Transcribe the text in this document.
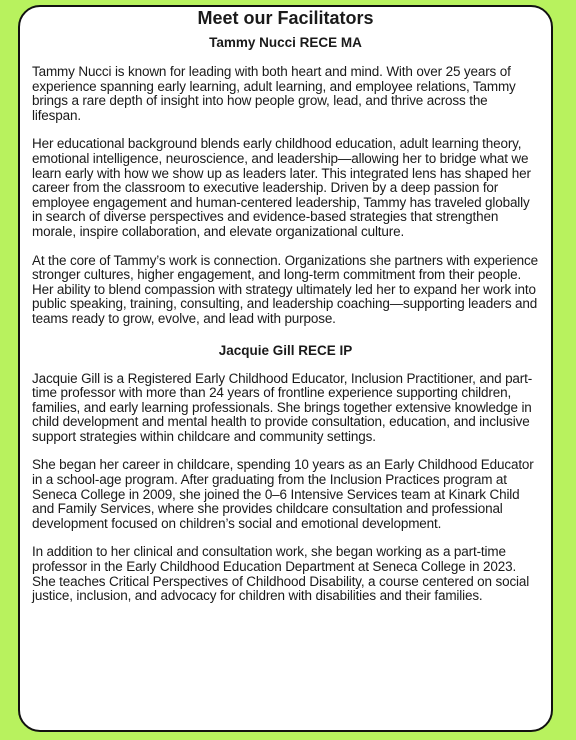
Meet our Facilitators
Tammy Nucci RECE MA

Tammy Nucci is known for leading with both heart and mind. With over 25 years of experience spanning early learning, adult learning, and employee relations, Tammy brings a rare depth of insight into how people grow, lead, and thrive across the lifespan.

Her educational background blends early childhood education, adult learning theory, emotional intelligence, neuroscience, and leadership—allowing her to bridge what we learn early with how we show up as leaders later. This integrated lens has shaped her career from the classroom to executive leadership. Driven by a deep passion for employee engagement and human-centered leadership, Tammy has traveled globally in search of diverse perspectives and evidence-based strategies that strengthen morale, inspire collaboration, and elevate organizational culture.

At the core of Tammy’s work is connection. Organizations she partners with experience stronger cultures, higher engagement, and long-term commitment from their people. Her ability to blend compassion with strategy ultimately led her to expand her work into public speaking, training, consulting, and leadership coaching—supporting leaders and teams ready to grow, evolve, and lead with purpose.

Jacquie Gill RECE IP

Jacquie Gill is a Registered Early Childhood Educator, Inclusion Practitioner, and part-time professor with more than 24 years of frontline experience supporting children, families, and early learning professionals. She brings together extensive knowledge in child development and mental health to provide consultation, education, and inclusive support strategies within childcare and community settings.

She began her career in childcare, spending 10 years as an Early Childhood Educator in a school-age program. After graduating from the Inclusion Practices program at Seneca College in 2009, she joined the 0–6 Intensive Services team at Kinark Child and Family Services, where she provides childcare consultation and professional development focused on children’s social and emotional development.

In addition to her clinical and consultation work, she began working as a part-time professor in the Early Childhood Education Department at Seneca College in 2023. She teaches Critical Perspectives of Childhood Disability, a course centered on social justice, inclusion, and advocacy for children with disabilities and their families.
